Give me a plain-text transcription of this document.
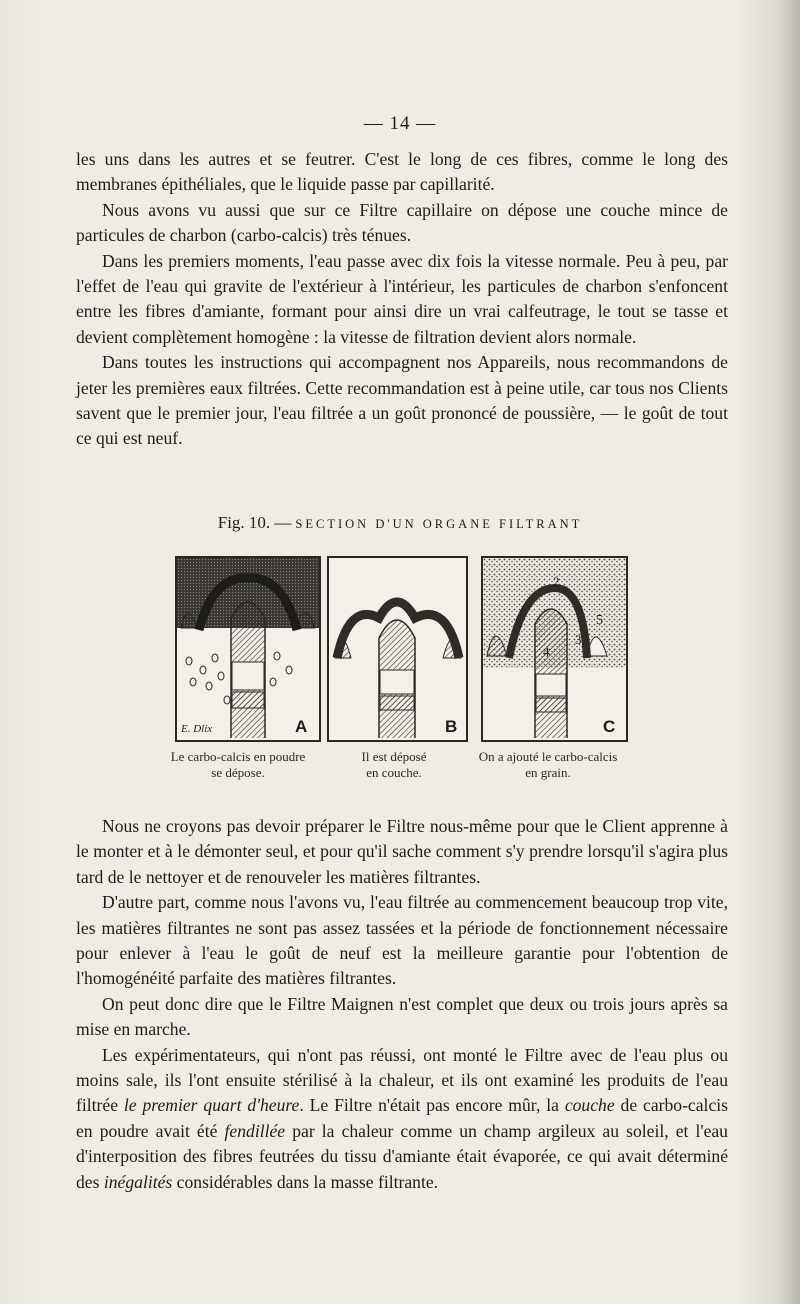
— 14 —

les uns dans les autres et se feutrer. C'est le long de ces fibres, comme le long des membranes épithéliales, que le liquide passe par capillarité.

Nous avons vu aussi que sur ce Filtre capillaire on dépose une couche mince de particules de charbon (carbo-calcis) très ténues.

Dans les premiers moments, l'eau passe avec dix fois la vitesse normale. Peu à peu, par l'effet de l'eau qui gravite de l'extérieur à l'intérieur, les particules de charbon s'enfoncent entre les fibres d'amiante, formant pour ainsi dire un vrai calfeutrage, le tout se tasse et devient complètement homogène : la vitesse de filtration devient alors normale.

Dans toutes les instructions qui accompagnent nos Appareils, nous recommandons de jeter les premières eaux filtrées. Cette recommandation est à peine utile, car tous nos Clients savent que le premier jour, l'eau filtrée a un goût prononcé de poussière, — le goût de tout ce qui est neuf.

Fig. 10. — SECTION D'UN ORGANE FILTRANT
E. Dlix	A	B
2
3
4
5
C
Le carbo-calcis en poudre
se dépose.
Il est déposé
en couche.
On a ajouté le carbo-calcis
en grain.

Nous ne croyons pas devoir préparer le Filtre nous-même pour que le Client apprenne à le monter et à le démonter seul, et pour qu'il sache comment s'y prendre lorsqu'il s'agira plus tard de le nettoyer et de renouveler les matières filtrantes.

D'autre part, comme nous l'avons vu, l'eau filtrée au commencement beaucoup trop vite, les matières filtrantes ne sont pas assez tassées et la période de fonctionnement nécessaire pour enlever à l'eau le goût de neuf est la meilleure garantie pour l'obtention de l'homogénéité parfaite des matières filtrantes.

On peut donc dire que le Filtre Maignen n'est complet que deux ou trois jours après sa mise en marche.

Les expérimentateurs, qui n'ont pas réussi, ont monté le Filtre avec de l'eau plus ou moins sale, ils l'ont ensuite stérilisé à la chaleur, et ils ont examiné les produits de l'eau filtrée le premier quart d'heure. Le Filtre n'était pas encore mûr, la couche de carbo-calcis en poudre avait été fendillée par la chaleur comme un champ argileux au soleil, et l'eau d'interposition des fibres feutrées du tissu d'amiante était évaporée, ce qui avait déterminé des inégalités considérables dans la masse filtrante.
